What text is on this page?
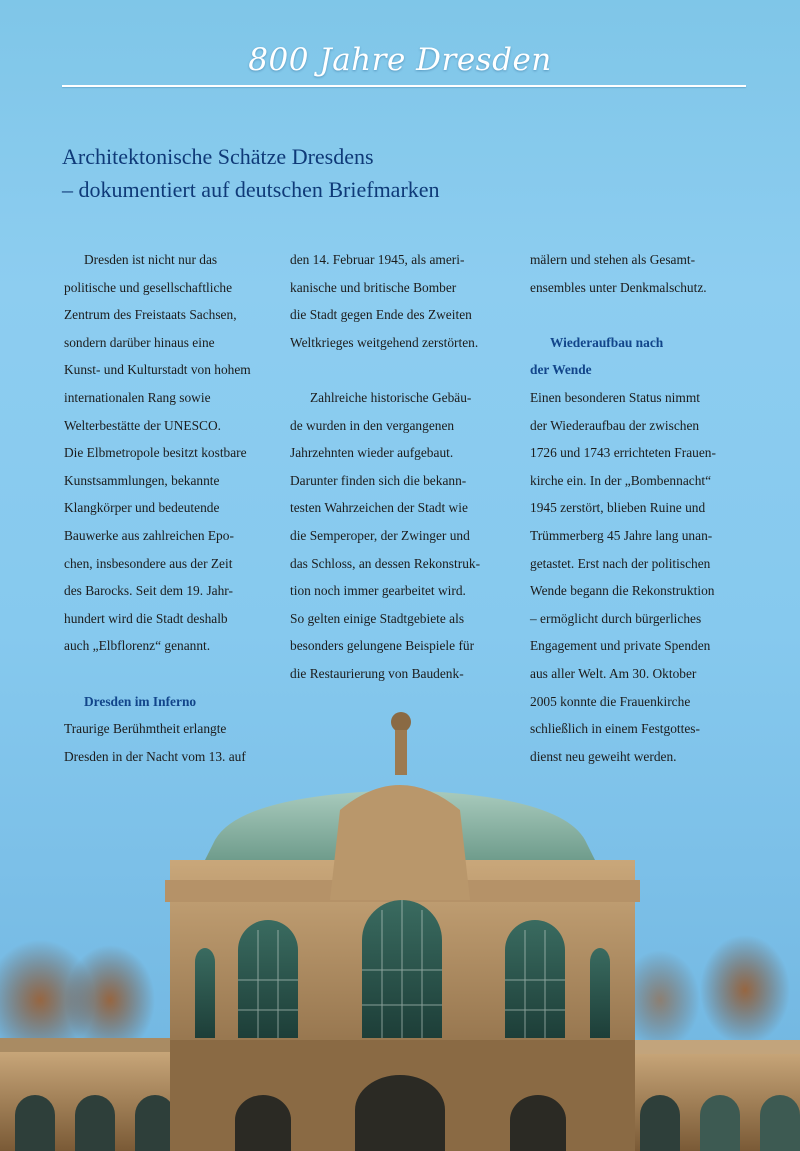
800 Jahre Dresden
Architektonische Schätze Dresdens
– dokumentiert auf deutschen Briefmarken

Dresden ist nicht nur das
politische und gesellschaftliche
Zentrum des Freistaats Sachsen,
sondern darüber hinaus eine
Kunst- und Kulturstadt von hohem
internationalen Rang sowie
Welterbestätte der UNESCO.
Die Elbmetropole besitzt kostbare
Kunstsammlungen, bekannte
Klangkörper und bedeutende
Bauwerke aus zahlreichen Epo-
chen, insbesondere aus der Zeit
des Barocks. Seit dem 19. Jahr-
hundert wird die Stadt deshalb
auch „Elbflorenz“ genannt.

Dresden im Inferno

Traurige Berühmtheit erlangte
Dresden in der Nacht vom 13. auf

den 14. Februar 1945, als ameri-
kanische und britische Bomber
die Stadt gegen Ende des Zweiten
Weltkrieges weitgehend zerstörten.

Zahlreiche historische Gebäu-
de wurden in den vergangenen
Jahrzehnten wieder aufgebaut.
Darunter finden sich die bekann-
testen Wahrzeichen der Stadt wie
die Semperoper, der Zwinger und
das Schloss, an dessen Rekonstruk-
tion noch immer gearbeitet wird.
So gelten einige Stadtgebiete als
besonders gelungene Beispiele für
die Restaurierung von Baudenk-

mälern und stehen als Gesamt-
ensembles unter Denkmalschutz.

Wiederaufbau nach
der Wende

Einen besonderen Status nimmt
der Wiederaufbau der zwischen
1726 und 1743 errichteten Frauen-
kirche ein. In der „Bombennacht“
1945 zerstört, blieben Ruine und
Trümmerberg 45 Jahre lang unan-
getastet. Erst nach der politischen
Wende begann die Rekonstruktion
– ermöglicht durch bürgerliches
Engagement und private Spenden
aus aller Welt. Am 30. Oktober
2005 konnte die Frauenkirche
schließlich in einem Festgottes-
dienst neu geweiht werden.
